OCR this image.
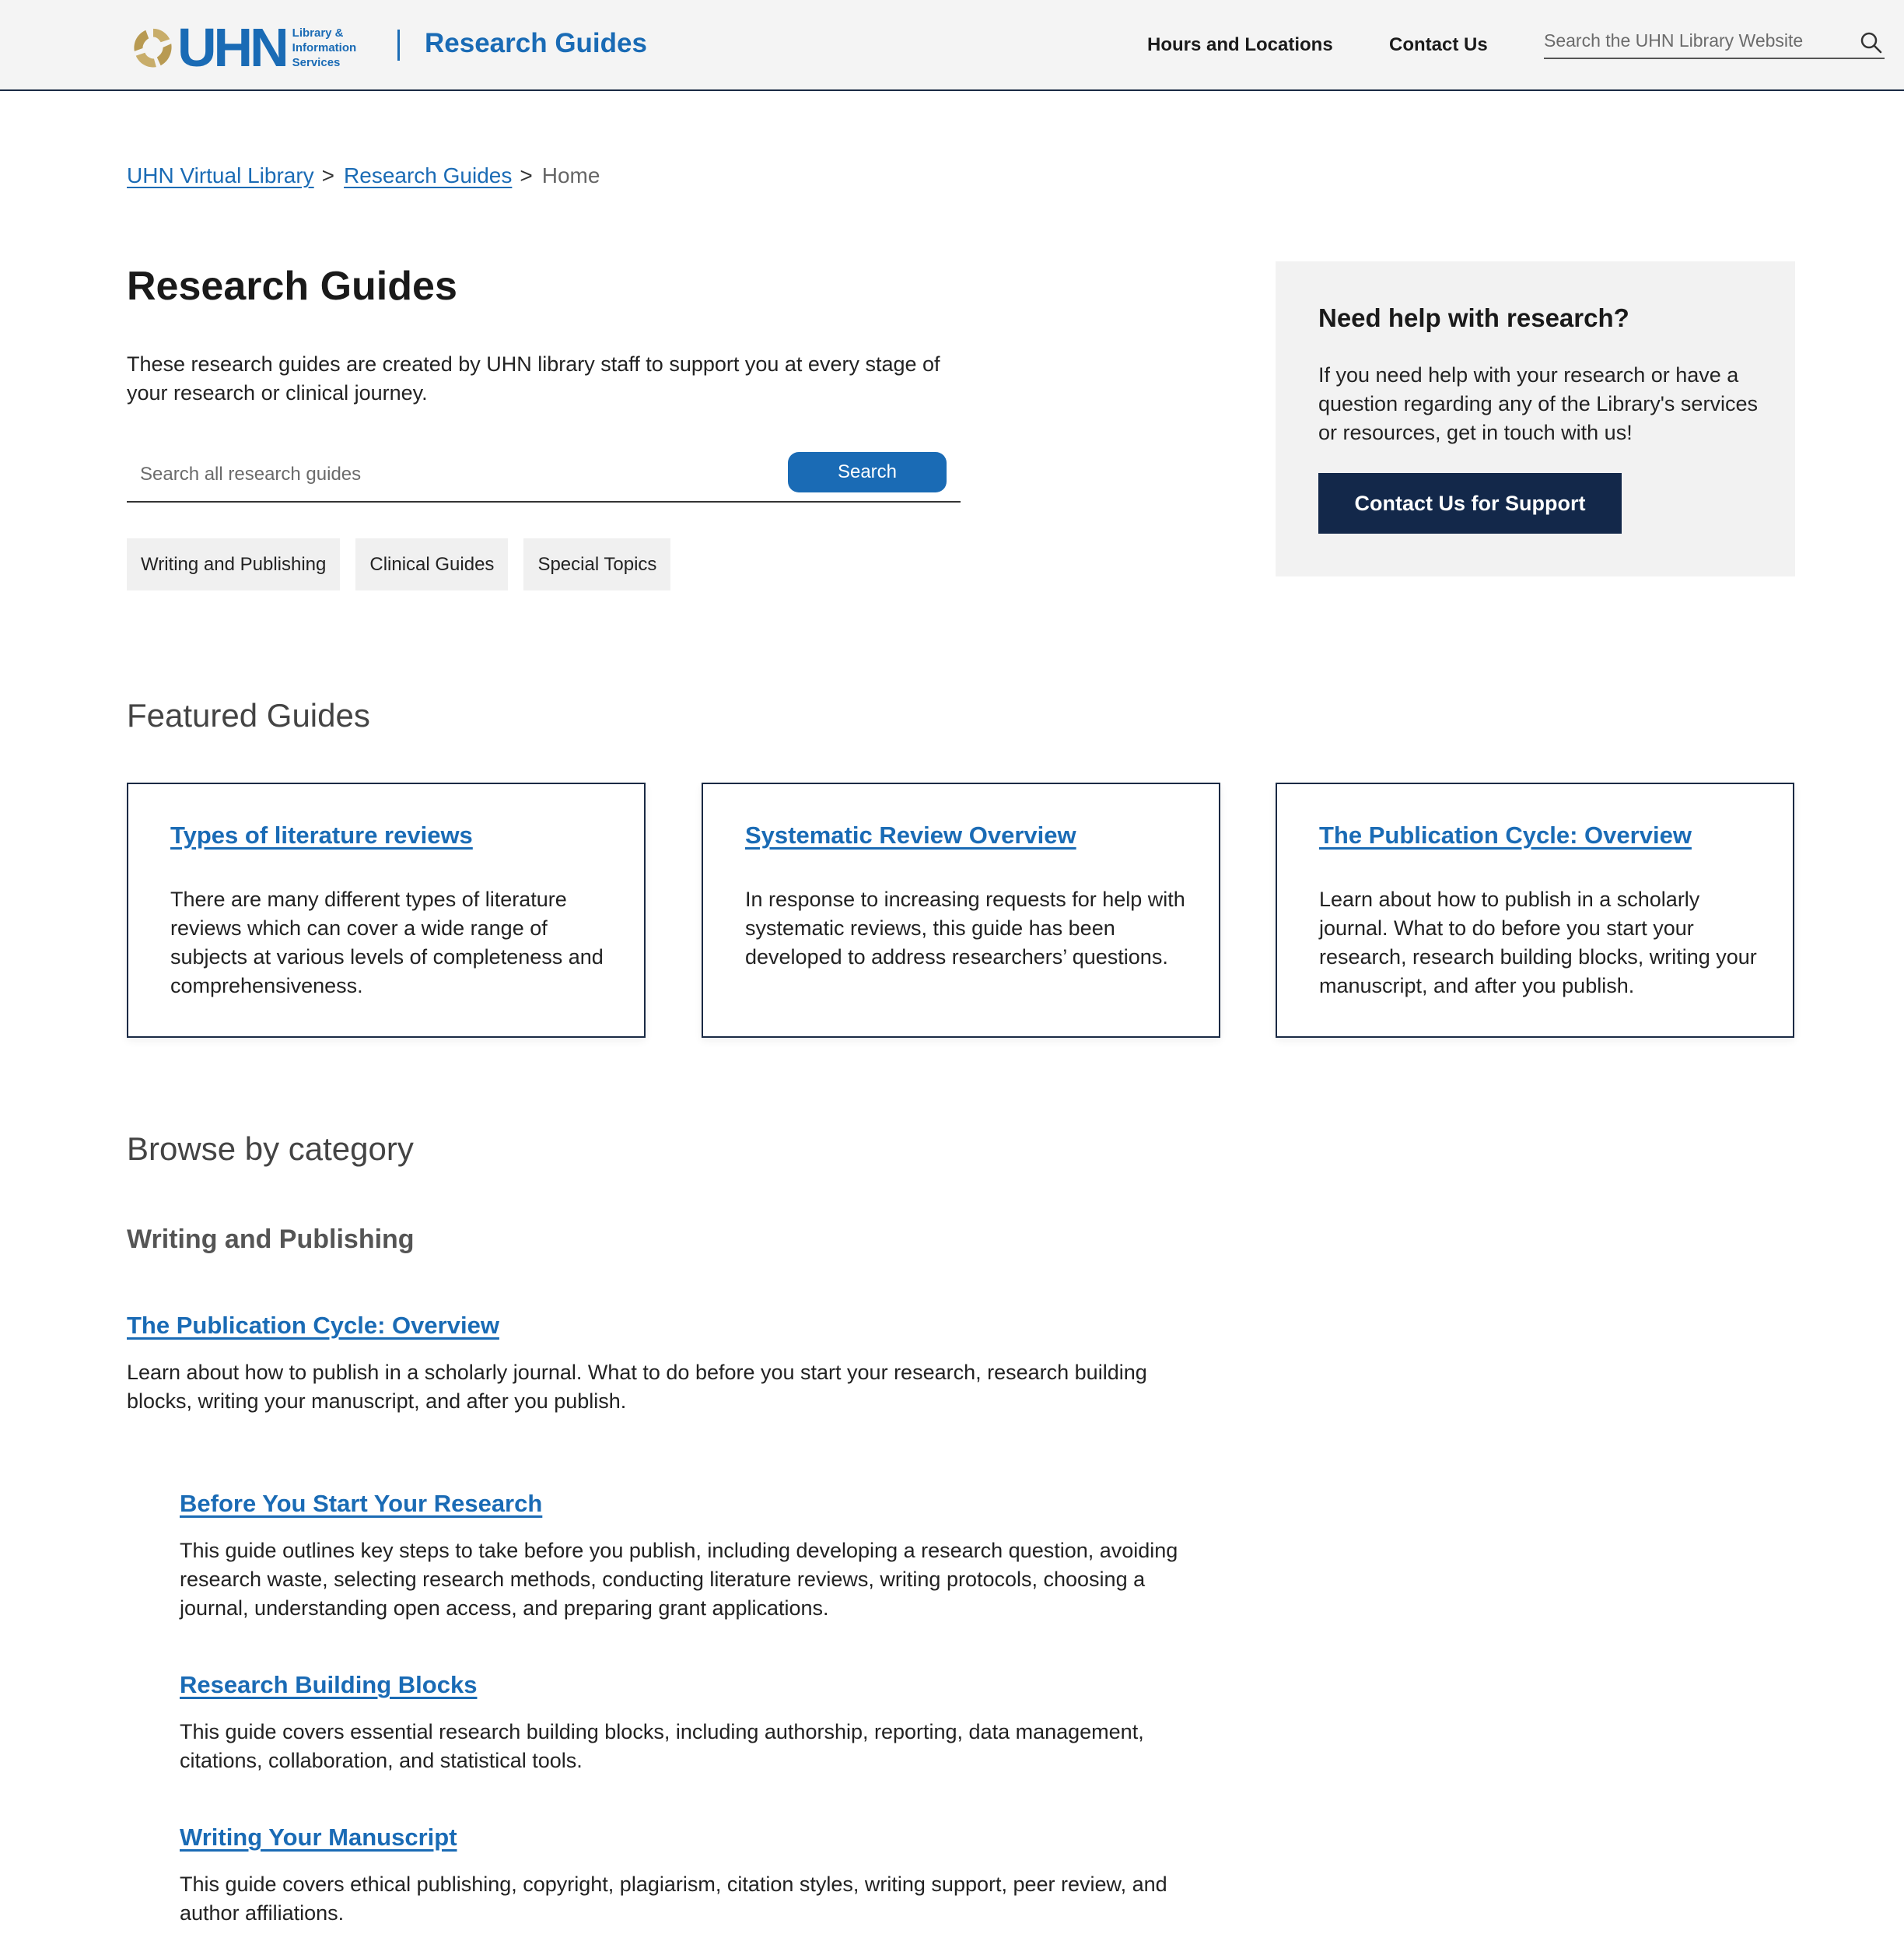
UHN Library &
Information
Services
Research Guides	Hours and Locations	Contact Us
Search the UHN Library Website
UHN Virtual Library > Research Guides > Home
Research Guides

These research guides are created by UHN library staff to support you at every stage of your research or clinical journey.

Search all research guides
Search
Writing and Publishing	Clinical Guides	Special Topics
Need help with research?

If you need help with your research or have a question regarding any of the Library's services or resources, get in touch with us!

Contact Us for Support
Featured Guides
Types of literature reviews

There are many different types of literature reviews which can cover a wide range of subjects at various levels of completeness and comprehensiveness.

Systematic Review Overview

In response to increasing requests for help with systematic reviews, this guide has been developed to address researchers’ questions.

The Publication Cycle: Overview

Learn about how to publish in a scholarly journal. What to do before you start your research, research building blocks, writing your manuscript, and after you publish.

Browse by category
Writing and Publishing
The Publication Cycle: Overview

Learn about how to publish in a scholarly journal. What to do before you start your research, research building blocks, writing your manuscript, and after you publish.

Before You Start Your Research

This guide outlines key steps to take before you publish, including developing a research question, avoiding research waste, selecting research methods, conducting literature reviews, writing protocols, choosing a journal, understanding open access, and preparing grant applications.

Research Building Blocks

This guide covers essential research building blocks, including authorship, reporting, data management, citations, collaboration, and statistical tools.

Writing Your Manuscript

This guide covers ethical publishing, copyright, plagiarism, citation styles, writing support, peer review, and author affiliations.
